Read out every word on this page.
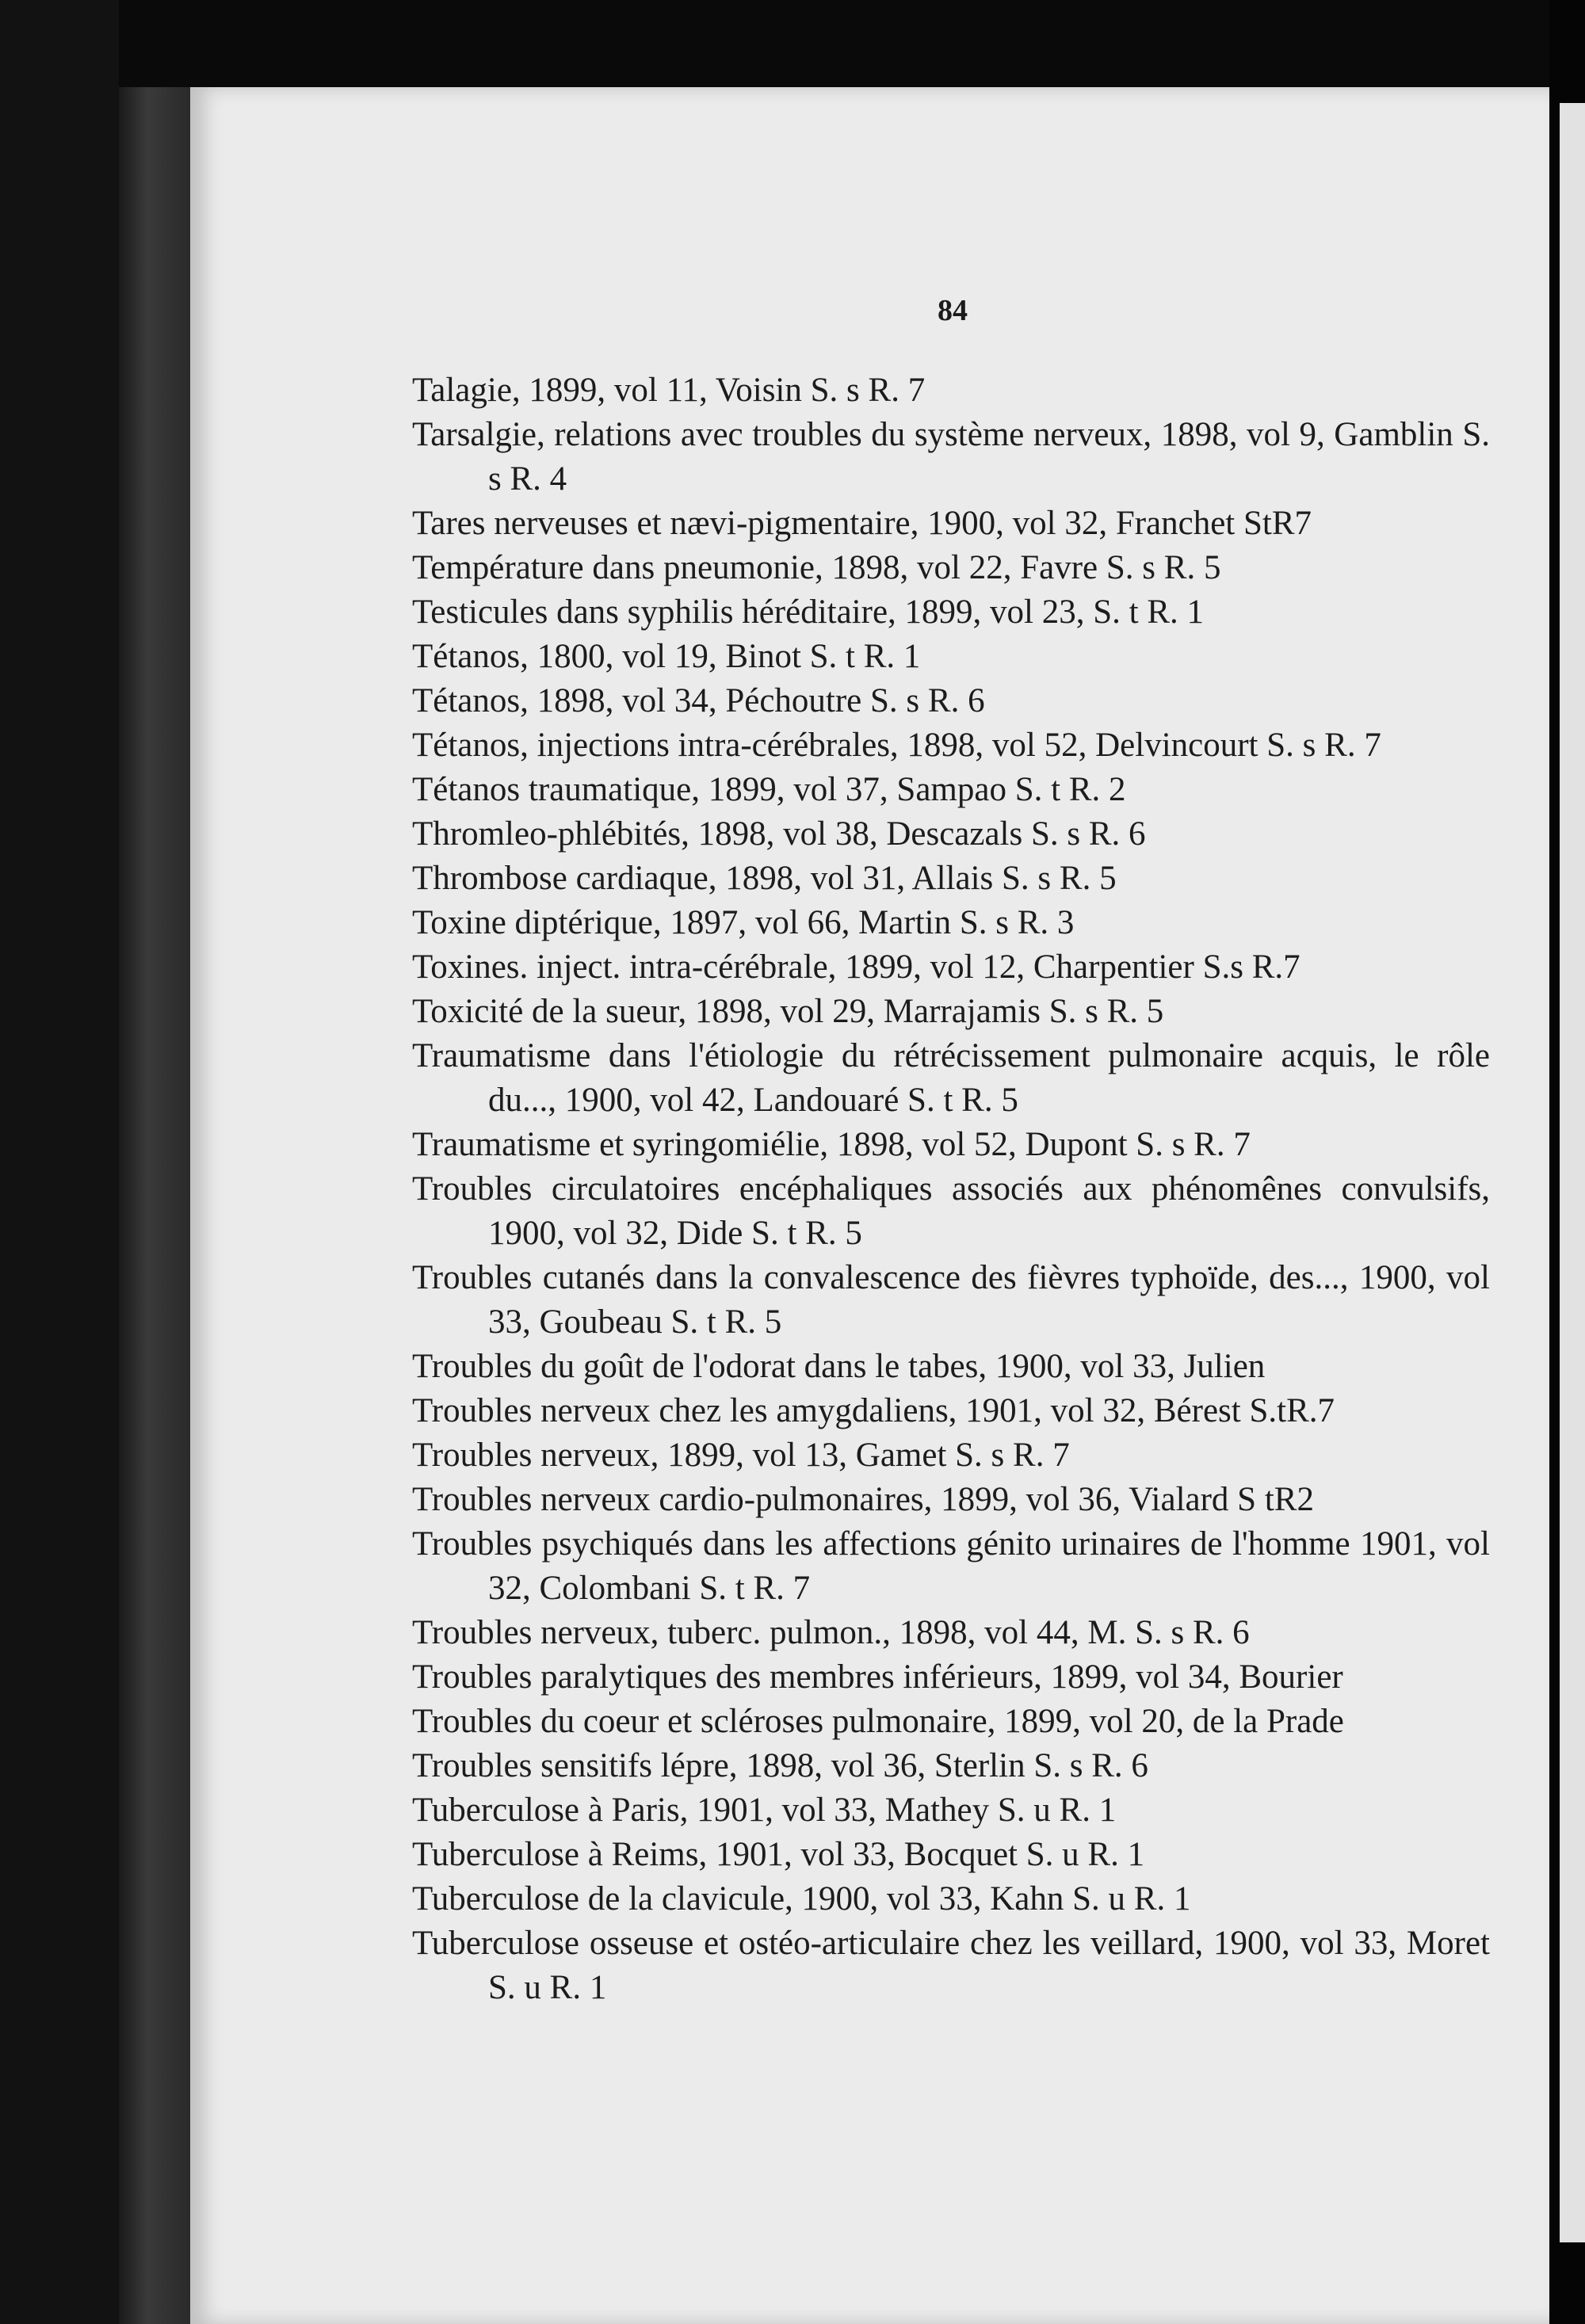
84

Talagie, 1899, vol 11, Voisin S. s R. 7

Tarsalgie, relations avec troubles du système nerveux, 1898, vol 9, Gamblin S. s R. 4

Tares nerveuses et nævi-pigmentaire, 1900, vol 32, Franchet StR7

Température dans pneumonie, 1898, vol 22, Favre S. s R. 5

Testicules dans syphilis héréditaire, 1899, vol 23, S. t R. 1

Tétanos, 1800, vol 19, Binot S. t R. 1

Tétanos, 1898, vol 34, Péchoutre S. s R. 6

Tétanos, injections intra-cérébrales, 1898, vol 52, Delvincourt S. s R. 7

Tétanos traumatique, 1899, vol 37, Sampao S. t R. 2

Thromleo-phlébités, 1898, vol 38, Descazals S. s R. 6

Thrombose cardiaque, 1898, vol 31, Allais S. s R. 5

Toxine diptérique, 1897, vol 66, Martin S. s R. 3

Toxines. inject. intra-cérébrale, 1899, vol 12, Charpentier S.s R.7

Toxicité de la sueur, 1898, vol 29, Marrajamis S. s R. 5

Traumatisme dans l'étiologie du rétrécissement pulmonaire acquis, le rôle du..., 1900, vol 42, Landouaré S. t R. 5

Traumatisme et syringomiélie, 1898, vol 52, Dupont S. s R. 7

Troubles circulatoires encéphaliques associés aux phénomênes convulsifs, 1900, vol 32, Dide S. t R. 5

Troubles cutanés dans la convalescence des fièvres typhoïde, des..., 1900, vol 33, Goubeau S. t R. 5

Troubles du goût de l'odorat dans le tabes, 1900, vol 33, Julien

Troubles nerveux chez les amygdaliens, 1901, vol 32, Bérest S.tR.7

Troubles nerveux, 1899, vol 13, Gamet S. s R. 7

Troubles nerveux cardio-pulmonaires, 1899, vol 36, Vialard S tR2

Troubles psychiqués dans les affections génito urinaires de l'homme 1901, vol 32, Colombani S. t R. 7

Troubles nerveux, tuberc. pulmon., 1898, vol 44, M. S. s R. 6

Troubles paralytiques des membres inférieurs, 1899, vol 34, Bourier

Troubles du coeur et scléroses pulmonaire, 1899, vol 20, de la Prade

Troubles sensitifs lépre, 1898, vol 36, Sterlin S. s R. 6

Tuberculose à Paris, 1901, vol 33, Mathey S. u R. 1

Tuberculose à Reims, 1901, vol 33, Bocquet S. u R. 1

Tuberculose de la clavicule, 1900, vol 33, Kahn S. u R. 1

Tuberculose osseuse et ostéo-articulaire chez les veillard, 1900, vol 33, Moret S. u R. 1
